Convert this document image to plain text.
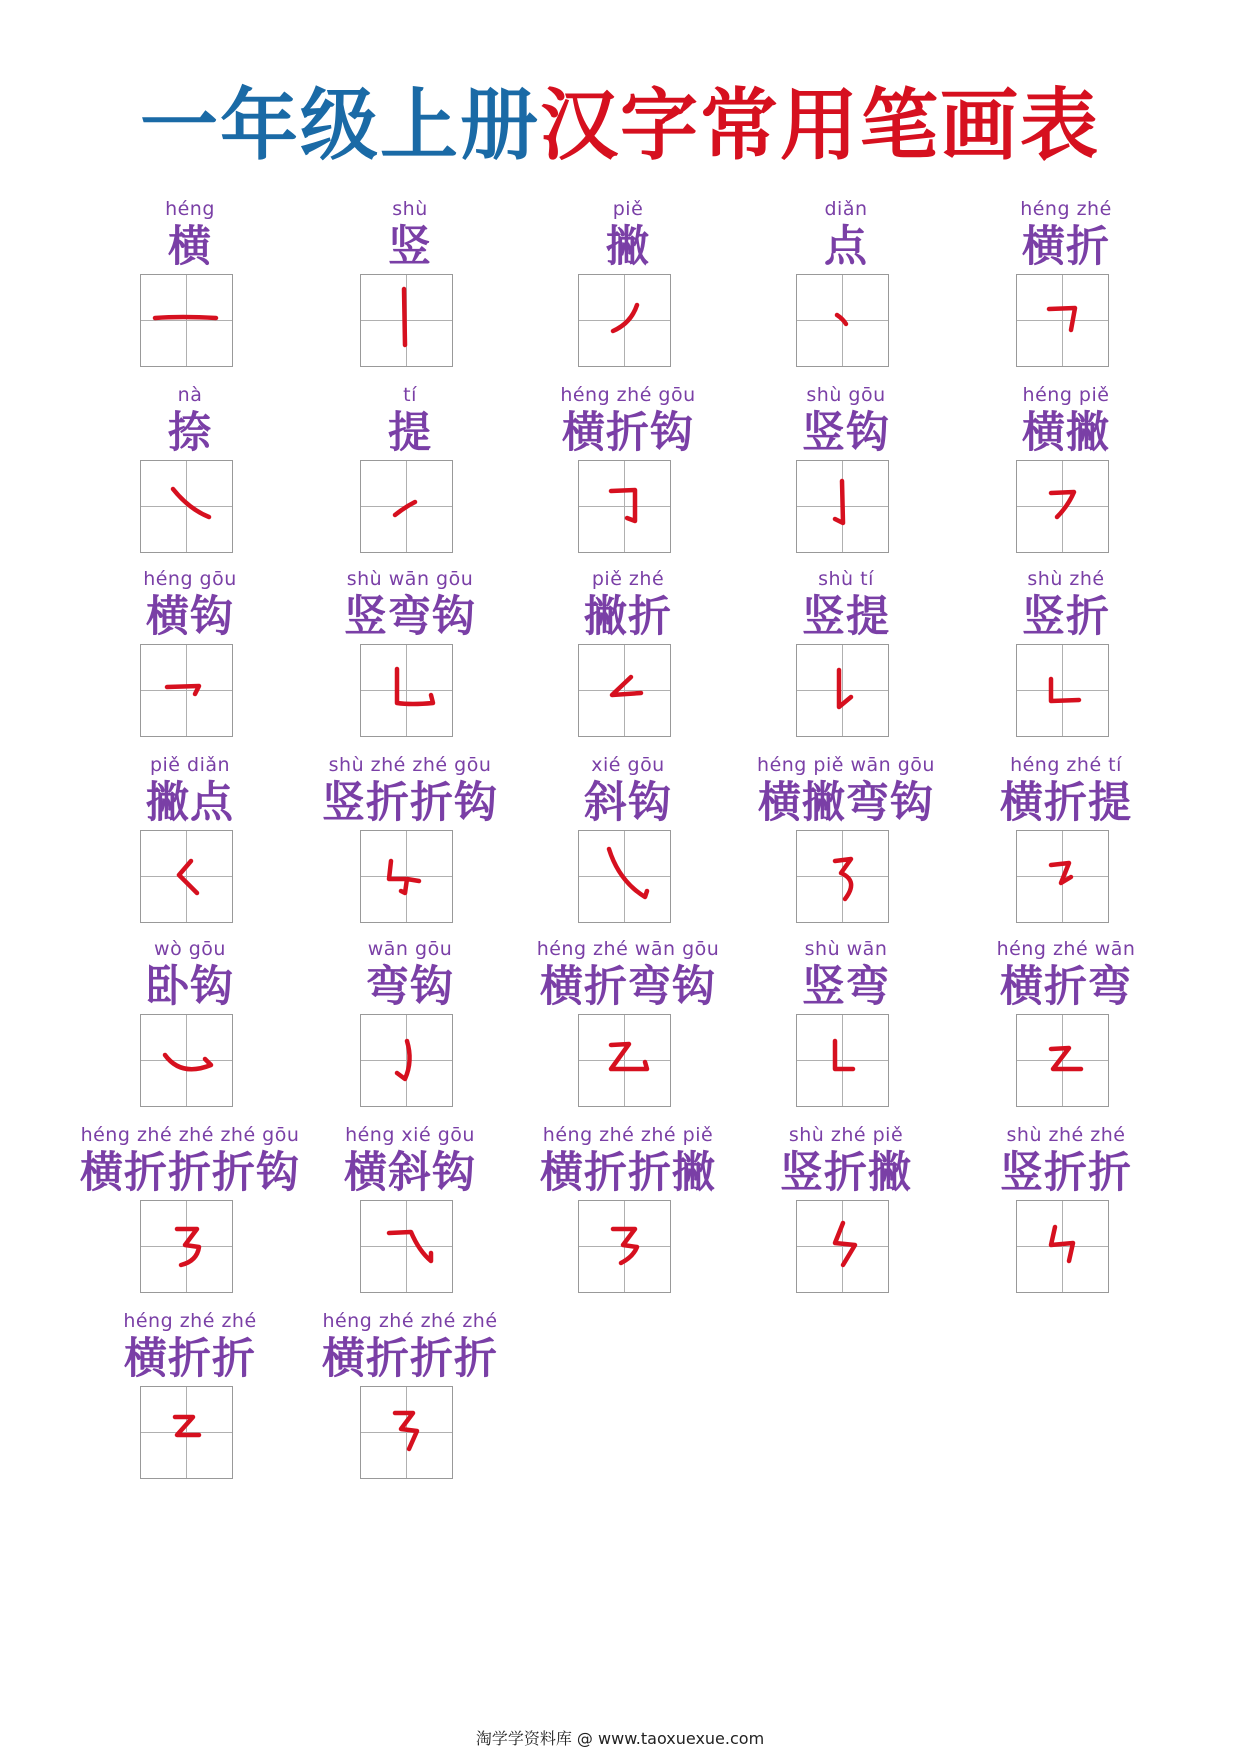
一年级上册汉字常用笔画表
héng
横
shù
竖
piě
撇
diǎn
点
héng zhé
横折
nà
捺
tí
提
héng zhé gōu
横折钩
shù gōu
竖钩
héng piě
横撇
héng gōu
横钩
shù wān gōu
竖弯钩
piě zhé
撇折
shù tí
竖提
shù zhé
竖折
piě diǎn
撇点
shù zhé zhé gōu
竖折折钩
xié gōu
斜钩
héng piě wān gōu
横撇弯钩
héng zhé tí
横折提
wò gōu
卧钩
wān gōu
弯钩
héng zhé wān gōu
横折弯钩
shù wān
竖弯
héng zhé wān
横折弯
héng zhé zhé zhé gōu
横折折折钩
héng xié gōu
横斜钩
héng zhé zhé piě
横折折撇
shù zhé piě
竖折撇
shù zhé zhé
竖折折
héng zhé zhé
横折折
héng zhé zhé zhé
横折折折
淘学学资料库 @ www.taoxuexue.com
